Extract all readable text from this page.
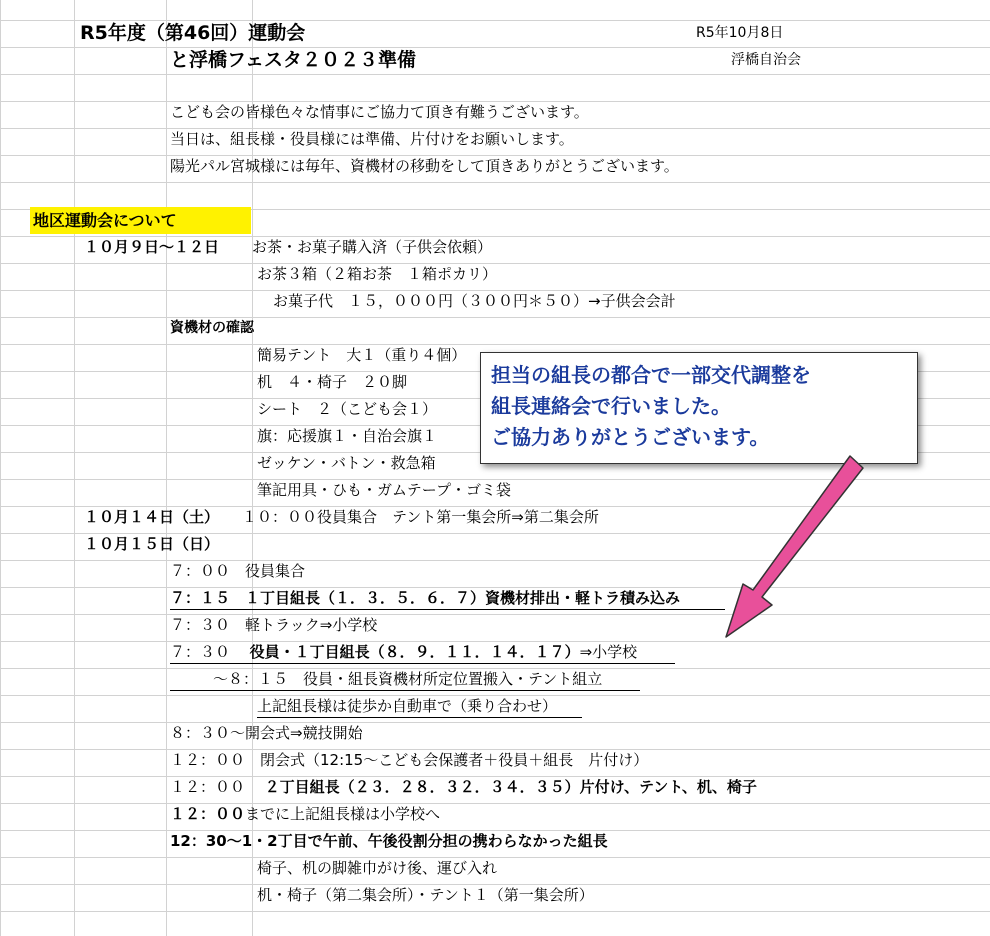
R5年度（第46回）運動会
と浮橋フェスタ２０２３準備
R5年10月8日
浮橋自治会
こども会の皆様色々な情事にご協力て頂き有難うございます。
当日は、組長様・役員様には準備、片付けをお願いします。
陽光パル宮城様には毎年、資機材の移動をして頂きありがとうございます。
地区運動会について
１０月９日〜１２日 お茶・お菓子購入済（子供会依頼）
お茶３箱（２箱お茶　１箱ポカリ）
お菓子代　１５，０００円（３００円＊５０）→子供会会計
資機材の確認
簡易テント　大１（重り４個）
机　４・椅子　２０脚
シート　２（こども会１）
旗：応援旗１・自治会旗１
ゼッケン・バトン・救急箱
筆記用具・ひも・ガムテープ・ゴミ袋
１０月１４日（土） １０：００役員集合　テント第一集会所⇒第二集会所
１０月１５日（日）
７：００　役員集合
７：１５　１丁目組長（１．３．５．６．７）資機材排出・軽トラ積み込み
７：３０　軽トラック⇒小学校
７：３０ 役員・１丁目組長（８．９．１１．１４．１７）⇒小学校
〜８：１５　役員・組長資機材所定位置搬入・テント組立
上記組長様は徒歩か自動車で（乗り合わせ）
８：３０〜開会式⇒競技開始
１２：００　閉会式（12:15〜こども会保護者＋役員＋組長　片付け）
１２：００ ２丁目組長（２３．２８．３２．３４．３５）片付け、テント、机、椅子
１２：００までに上記組長様は小学校へ
12：30〜1・2丁目で午前、午後役割分担の携わらなかった組長
椅子、机の脚雑巾がけ後、運び入れ
机・椅子（第二集会所）・テント１（第一集会所）
担当の組長の都合で一部交代調整を
組長連絡会で行いました。
ご協力ありがとうございます。
